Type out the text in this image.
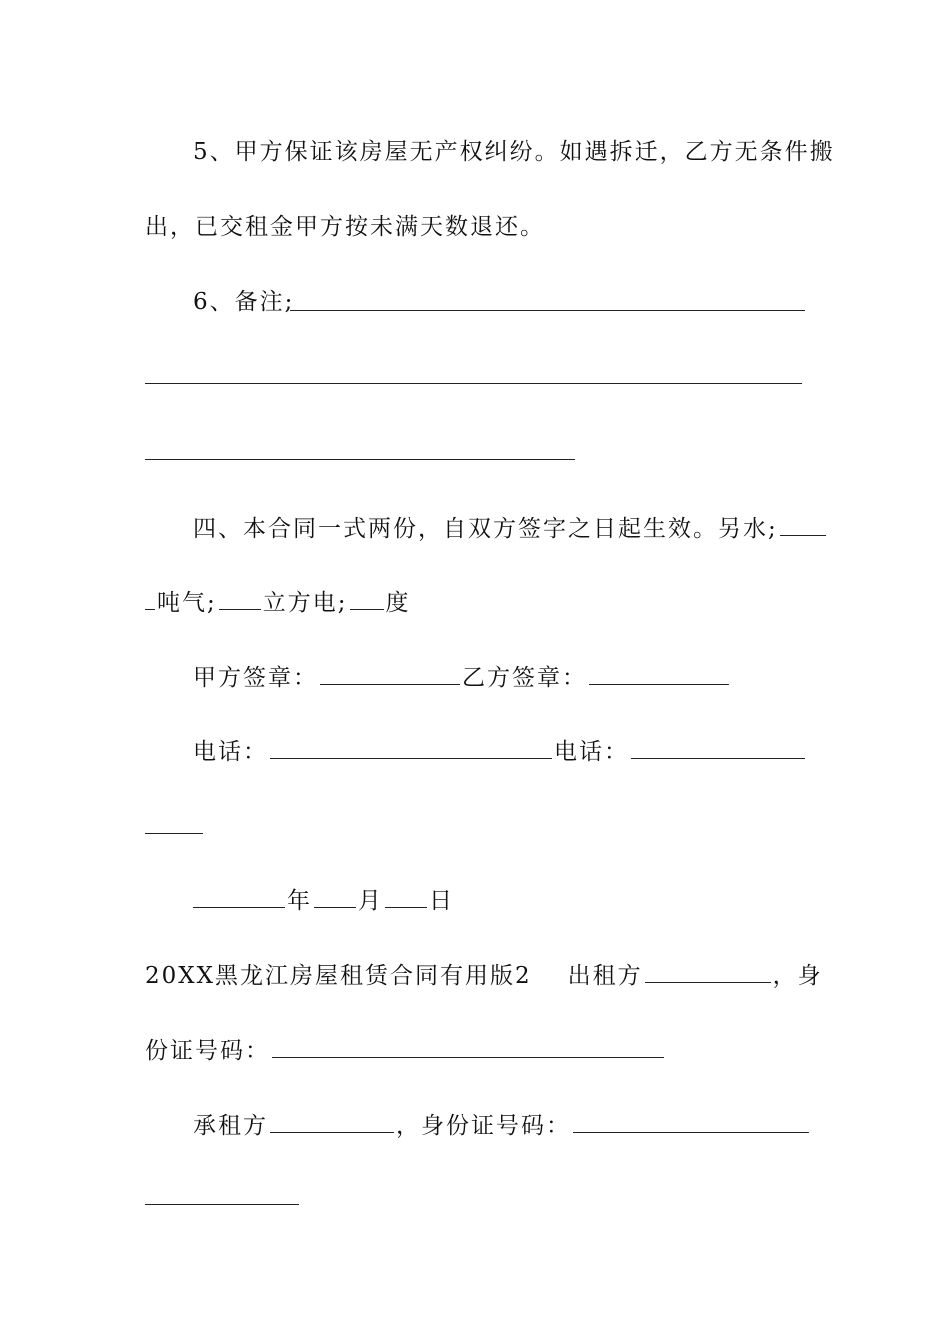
5、甲方保证该房屋无产权纠纷。如遇拆迁，乙方无条件搬
出，已交租金甲方按未满天数退还。
6、备注;
四、本合同一式两份，自双方签字之日起生效。另水;
吨气; 立方电; 度
甲方签章：	乙方签章：
电话：	电话：
年 月 日
20XX黑龙江房屋租赁合同有用版2 出租方	，身
份证号码：
承租方	，身份证号码：
